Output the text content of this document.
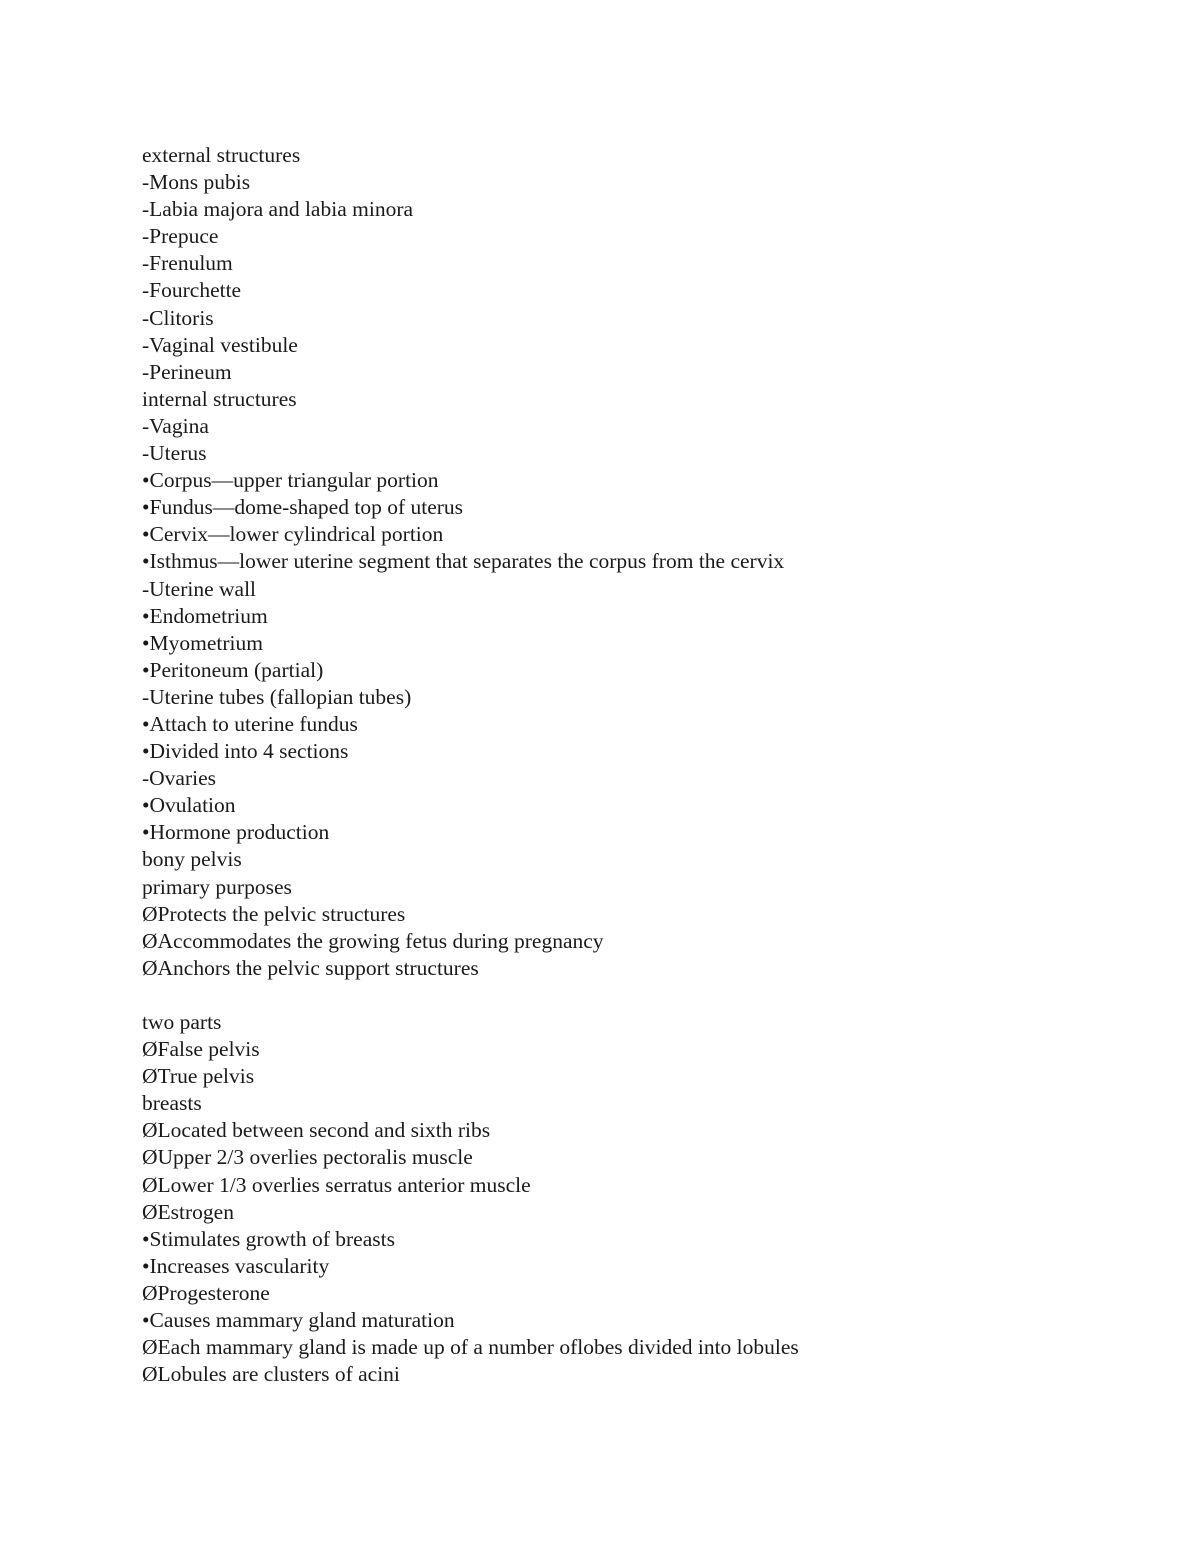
external structures
-Mons pubis
-Labia majora and labia minora
-Prepuce
-Frenulum
-Fourchette
-Clitoris
-Vaginal vestibule
-Perineum
internal structures
-Vagina
-Uterus
•Corpus—upper triangular portion
•Fundus—dome-shaped top of uterus
•Cervix—lower cylindrical portion
•Isthmus—lower uterine segment that separates the corpus from the cervix
-Uterine wall
•Endometrium
•Myometrium
•Peritoneum (partial)
-Uterine tubes (fallopian tubes)
•Attach to uterine fundus
•Divided into 4 sections
-Ovaries
•Ovulation
•Hormone production
bony pelvis
primary purposes
ØProtects the pelvic structures
ØAccommodates the growing fetus during pregnancy
ØAnchors the pelvic support structures
two parts
ØFalse pelvis
ØTrue pelvis
breasts
ØLocated between second and sixth ribs
ØUpper 2/3 overlies pectoralis muscle
ØLower 1/3 overlies serratus anterior muscle
ØEstrogen
•Stimulates growth of breasts
•Increases vascularity
ØProgesterone
•Causes mammary gland maturation
ØEach mammary gland is made up of a number oflobes divided into lobules
ØLobules are clusters of acini
